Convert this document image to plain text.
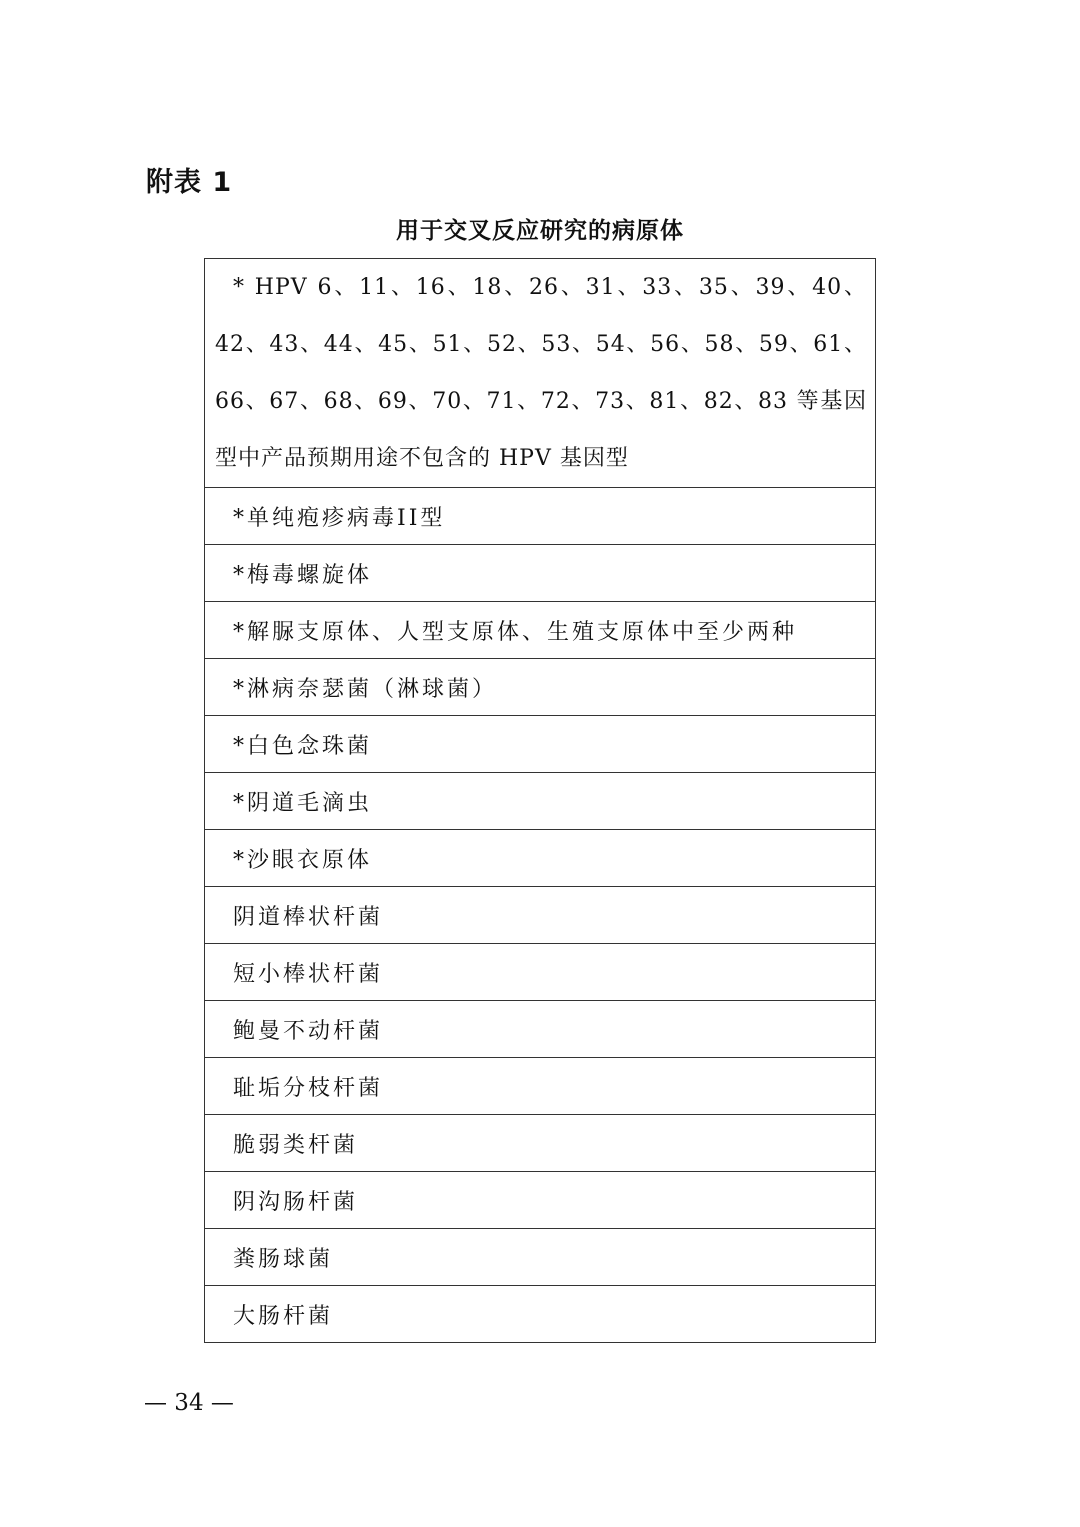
附表 1
用于交叉反应研究的病原体
* HPV 6、11、16、18、26、31、33、35、39、40、42、43、44、45、51、52、53、54、56、58、59、61、66、67、68、69、70、71、72、73、81、82、83 等基因型中产品预期用途不包含的 HPV 基因型

*单纯疱疹病毒II型

*梅毒螺旋体

*解脲支原体、人型支原体、生殖支原体中至少两种

*淋病奈瑟菌（淋球菌）

*白色念珠菌

*阴道毛滴虫

*沙眼衣原体

阴道棒状杆菌

短小棒状杆菌

鲍曼不动杆菌

耻垢分枝杆菌

脆弱类杆菌

阴沟肠杆菌

粪肠球菌

大肠杆菌
— 34 —
